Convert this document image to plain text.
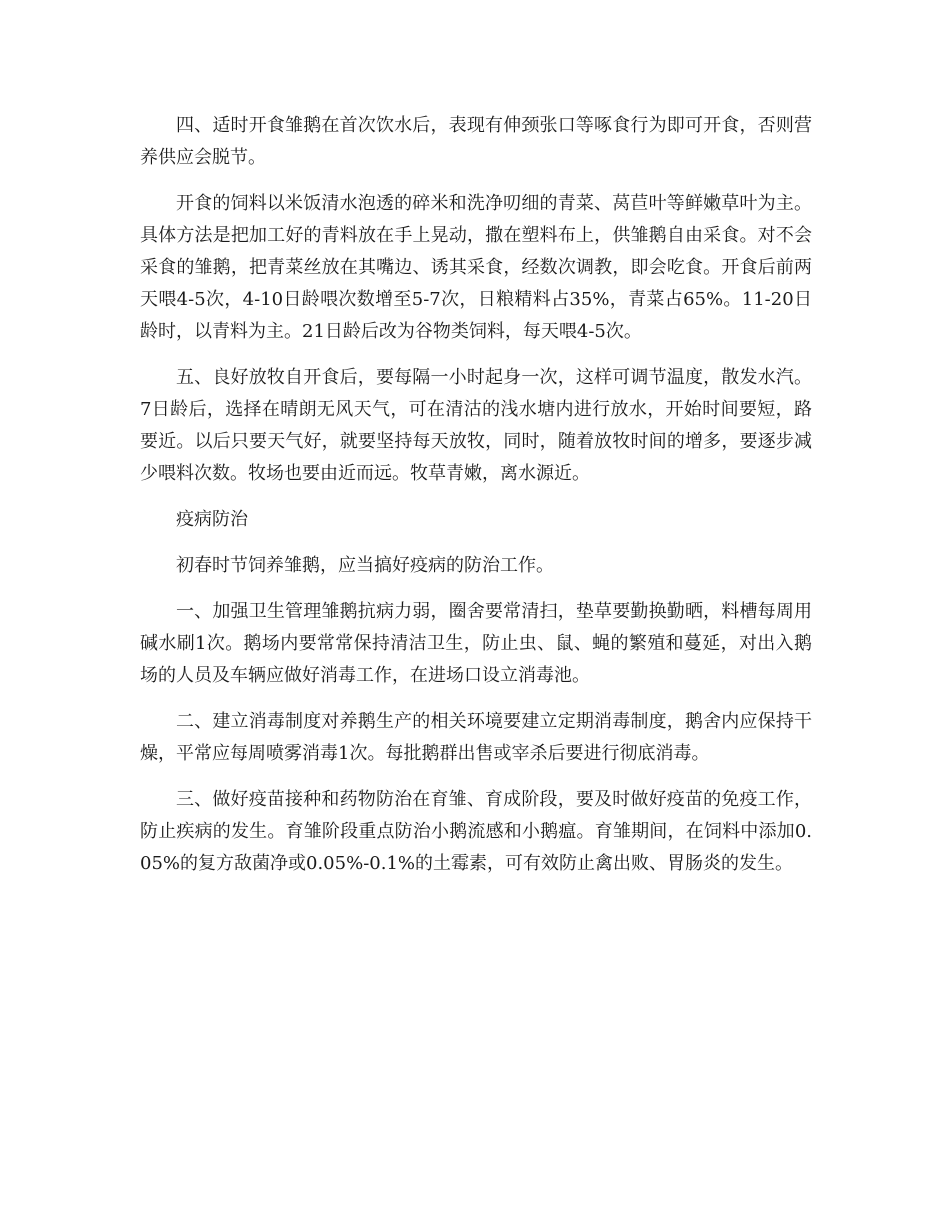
四、适时开食雏鹅在首次饮水后，表现有伸颈张口等啄食行为即可开食，否则营养供应会脱节。

开食的饲料以米饭清水泡透的碎米和洗净叨细的青菜、莴苣叶等鲜嫩草叶为主。具体方法是把加工好的青料放在手上晃动，撒在塑料布上，供雏鹅自由采食。对不会采食的雏鹅，把青菜丝放在其嘴边、诱其采食，经数次调教，即会吃食。开食后前两天喂4-5次，4-10日龄喂次数增至5-7次，日粮精料占35%，青菜占65%。11-20日龄时，以青料为主。21日龄后改为谷物类饲料，每天喂4-5次。

五、良好放牧自开食后，要每隔一小时起身一次，这样可调节温度，散发水汽。7日龄后，选择在晴朗无风天气，可在清沽的浅水塘内进行放水，开始时间要短，路要近。以后只要天气好，就要坚持每天放牧，同时，随着放牧时间的增多，要逐步减少喂料次数。牧场也要由近而远。牧草青嫩，离水源近。

疫病防治

初春时节饲养雏鹅，应当搞好疫病的防治工作。

一、加强卫生管理雏鹅抗病力弱，圈舍要常清扫，垫草要勤换勤晒，料槽每周用碱水刷1次。鹅场内要常常保持清洁卫生，防止虫、鼠、蝇的繁殖和蔓延，对出入鹅场的人员及车辆应做好消毒工作，在进场口设立消毒池。

二、建立消毒制度对养鹅生产的相关环境要建立定期消毒制度，鹅舍内应保持干燥，平常应每周喷雾消毒1次。每批鹅群出售或宰杀后要进行彻底消毒。

三、做好疫苗接种和药物防治在育雏、育成阶段，要及时做好疫苗的免疫工作，防止疾病的发生。育雏阶段重点防治小鹅流感和小鹅瘟。育雏期间，在饲料中添加0.05%的复方敌菌净或0.05%-0.1%的土霉素，可有效防止禽出败、胃肠炎的发生。
